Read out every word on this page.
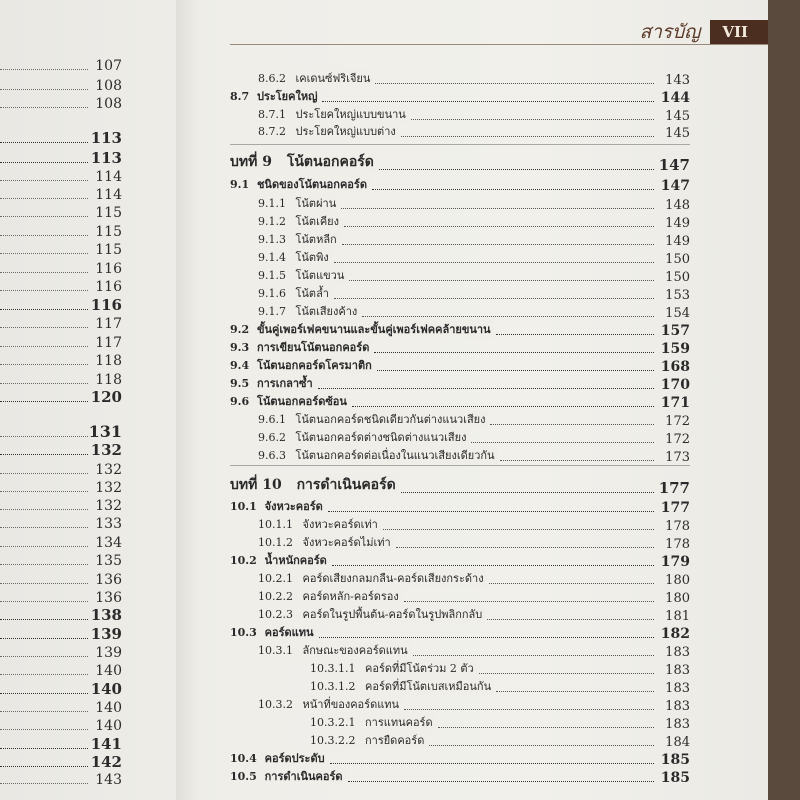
สารบัญ	VII
107
108
108
113
113
114
114
115
115
115
116
116
116
117
117
118
118
120
131
132
132
132
132
133
134
135
136
136
138
139
139
140
140
140
140
141
142
143
8.6.2 เคเดนซ์ฟริเจียน	143
8.7 ประโยคใหญ่	144
8.7.1 ประโยคใหญ่แบบขนาน	145
8.7.2 ประโยคใหญ่แบบต่าง	145
บทที่ 9 โน้ตนอกคอร์ด	147
9.1 ชนิดของโน้ตนอกคอร์ด	147
9.1.1 โน้ตผ่าน	148
9.1.2 โน้ตเคียง	149
9.1.3 โน้ตหลีก	149
9.1.4 โน้ตพิง	150
9.1.5 โน้ตแขวน	150
9.1.6 โน้ตล้ำ	153
9.1.7 โน้ตเสียงค้าง	154
9.2 ขั้นคู่เพอร์เฟคขนานและขั้นคู่เพอร์เฟคคล้ายขนาน	157
9.3 การเขียนโน้ตนอกคอร์ด	159
9.4 โน้ตนอกคอร์ดโครมาติก	168
9.5 การเกลาซ้ำ	170
9.6 โน้ตนอกคอร์ดซ้อน	171
9.6.1 โน้ตนอกคอร์ดชนิดเดียวกันต่างแนวเสียง	172
9.6.2 โน้ตนอกคอร์ดต่างชนิดต่างแนวเสียง	172
9.6.3 โน้ตนอกคอร์ดต่อเนื่องในแนวเสียงเดียวกัน	173
บทที่ 10 การดำเนินคอร์ด	177
10.1 จังหวะคอร์ด	177
10.1.1 จังหวะคอร์ดเท่า	178
10.1.2 จังหวะคอร์ดไม่เท่า	178
10.2 น้ำหนักคอร์ด	179
10.2.1 คอร์ดเสียงกลมกลืน-คอร์ดเสียงกระด้าง	180
10.2.2 คอร์ดหลัก-คอร์ดรอง	180
10.2.3 คอร์ดในรูปพื้นต้น-คอร์ดในรูปพลิกกลับ	181
10.3 คอร์ดแทน	182
10.3.1 ลักษณะของคอร์ดแทน	183
10.3.1.1 คอร์ดที่มีโน้ตร่วม 2 ตัว	183
10.3.1.2 คอร์ดที่มีโน้ตเบสเหมือนกัน	183
10.3.2 หน้าที่ของคอร์ดแทน	183
10.3.2.1 การแทนคอร์ด	183
10.3.2.2 การยืดคอร์ด	184
10.4 คอร์ดประดับ	185
10.5 การดำเนินคอร์ด	185
